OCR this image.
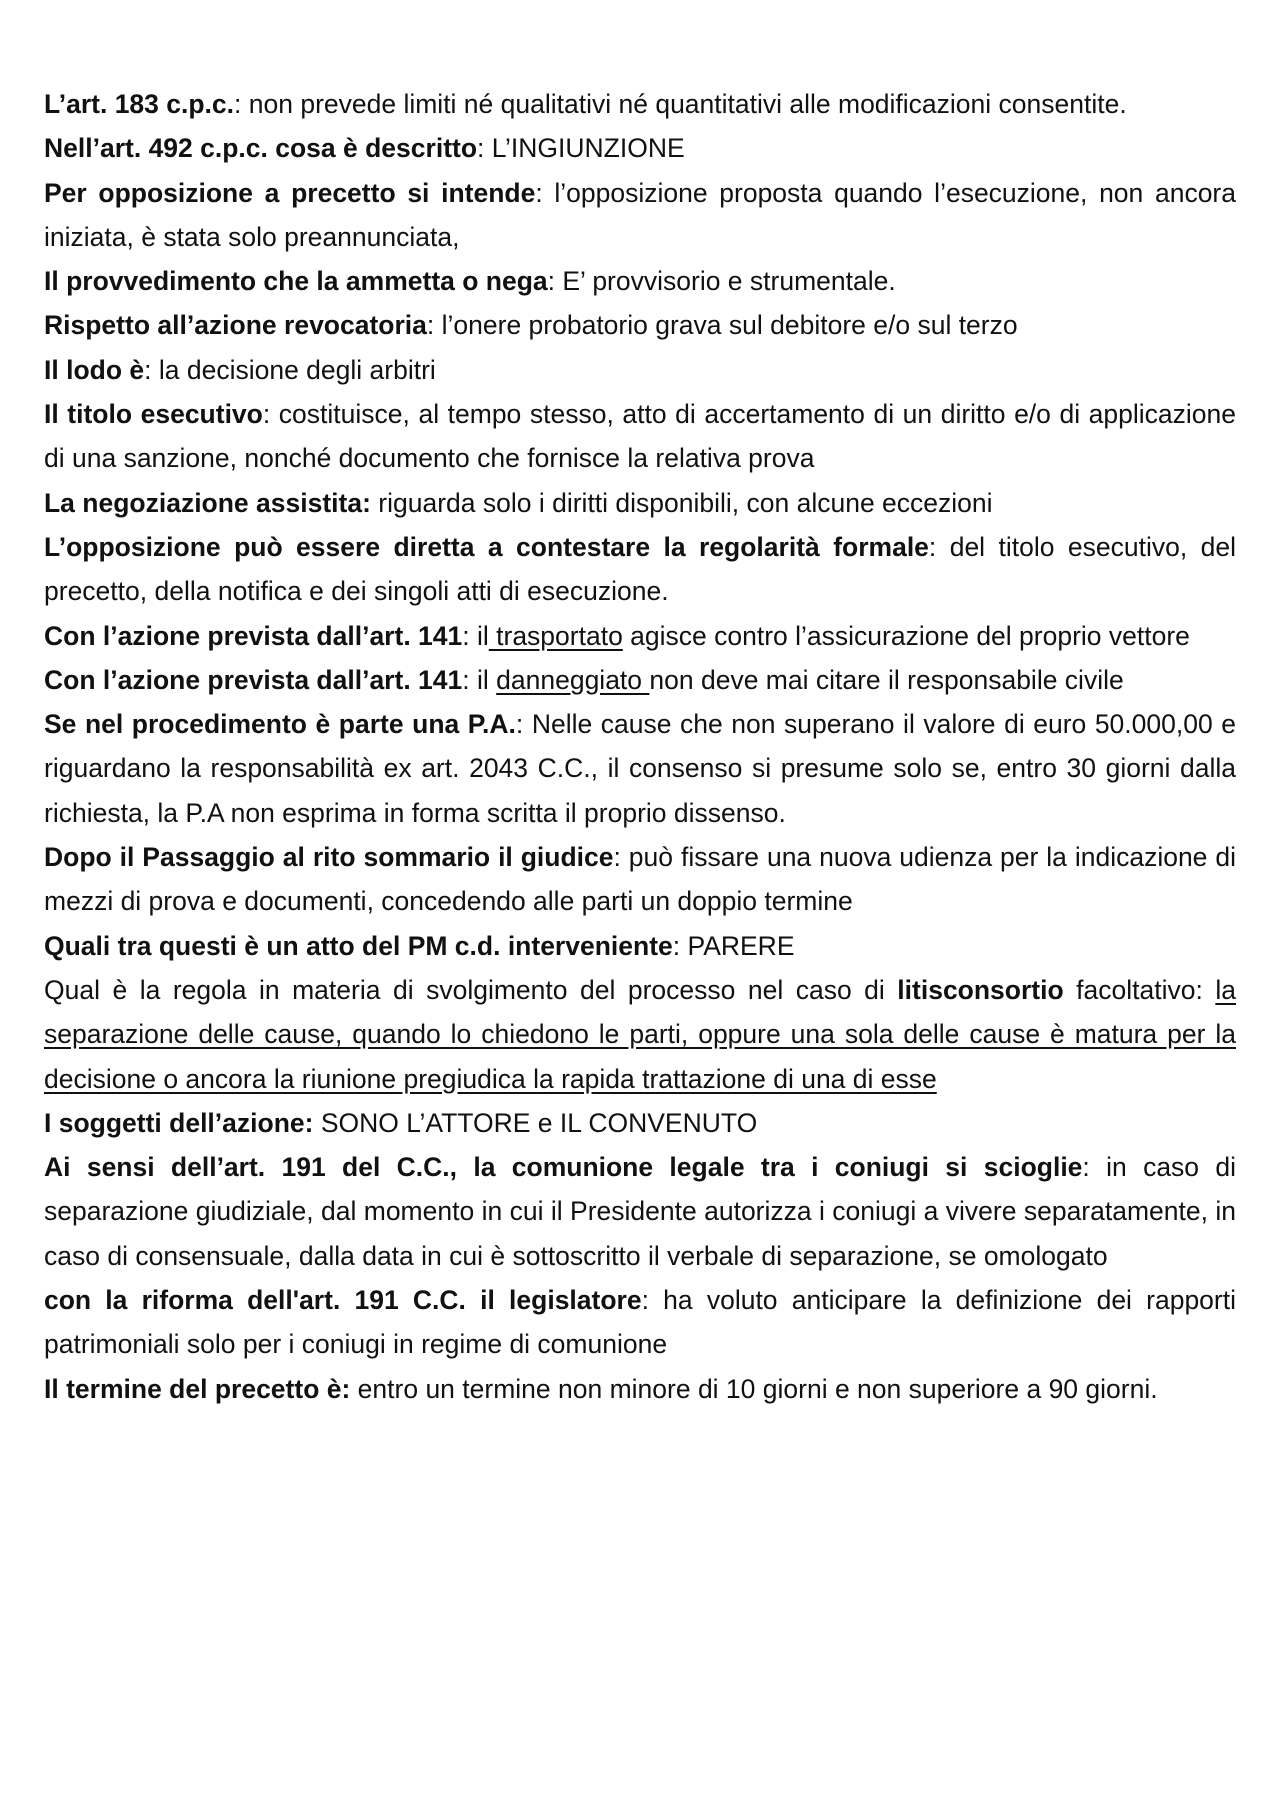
L’art. 183 c.p.c.: non prevede limiti né qualitativi né quantitativi alle modificazioni consentite.

Nell’art. 492 c.p.c. cosa è descritto: L’INGIUNZIONE

Per opposizione a precetto si intende: l’opposizione proposta quando l’esecuzione, non ancora iniziata, è stata solo preannunciata,

Il provvedimento che la ammetta o nega: E’ provvisorio e strumentale.

Rispetto all’azione revocatoria: l’onere probatorio grava sul debitore e/o sul terzo

Il lodo è: la decisione degli arbitri

Il titolo esecutivo: costituisce, al tempo stesso, atto di accertamento di un diritto e/o di applicazione di una sanzione, nonché documento che fornisce la relativa prova

La negoziazione assistita: riguarda solo i diritti disponibili, con alcune eccezioni

L’opposizione può essere diretta a contestare la regolarità formale: del titolo esecutivo, del precetto, della notifica e dei singoli atti di esecuzione.

Con l’azione prevista dall’art. 141: il trasportato agisce contro l’assicurazione del proprio vettore

Con l’azione prevista dall’art. 141: il danneggiato non deve mai citare il responsabile civile

Se nel procedimento è parte una P.A.: Nelle cause che non superano il valore di euro 50.000,00 e riguardano la responsabilità ex art. 2043 C.C., il consenso si presume solo se, entro 30 giorni dalla richiesta, la P.A non esprima in forma scritta il proprio dissenso.

Dopo il Passaggio al rito sommario il giudice: può fissare una nuova udienza per la indicazione di mezzi di prova e documenti, concedendo alle parti un doppio termine

Quali tra questi è un atto del PM c.d. interveniente: PARERE

Qual è la regola in materia di svolgimento del processo nel caso di litisconsortio facoltativo: la separazione delle cause, quando lo chiedono le parti, oppure una sola delle cause è matura per la decisione o ancora la riunione pregiudica la rapida trattazione di una di esse

I soggetti dell’azione: SONO L’ATTORE e IL CONVENUTO

Ai sensi dell’art. 191 del C.C., la comunione legale tra i coniugi si scioglie: in caso di separazione giudiziale, dal momento in cui il Presidente autorizza i coniugi a vivere separatamente, in caso di consensuale, dalla data in cui è sottoscritto il verbale di separazione, se omologato

con la riforma dell'art. 191 C.C. il legislatore: ha voluto anticipare la definizione dei rapporti patrimoniali solo per i coniugi in regime di comunione

Il termine del precetto è: entro un termine non minore di 10 giorni e non superiore a 90 giorni.
